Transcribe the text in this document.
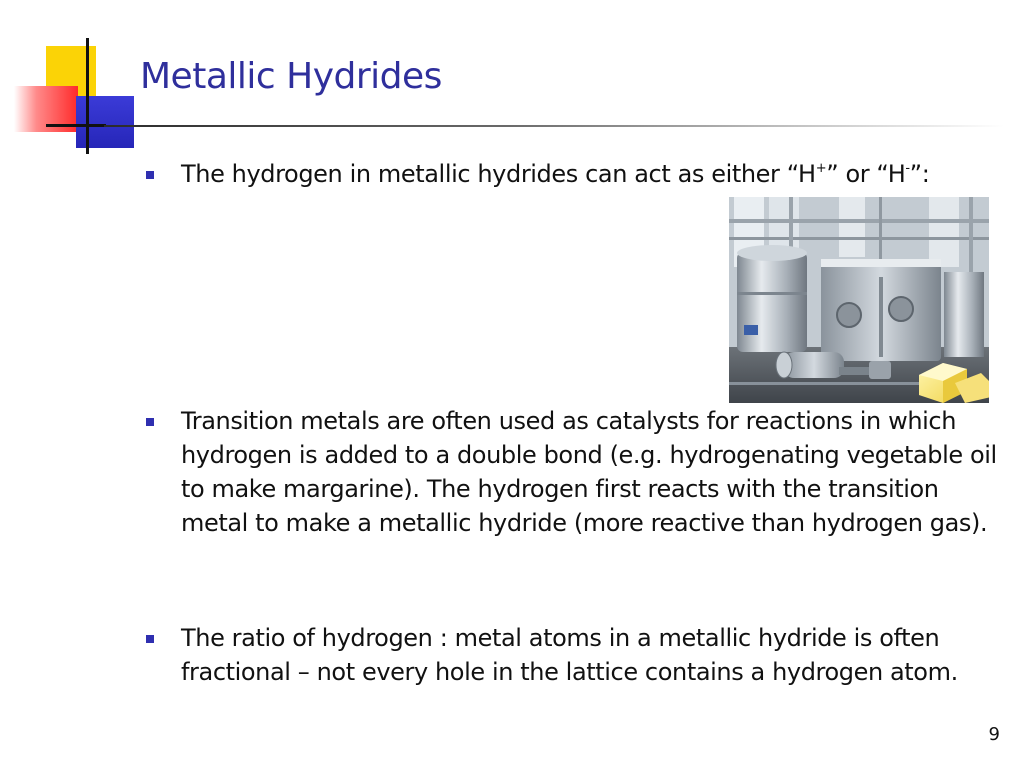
Metallic Hydrides
The hydrogen in metallic hydrides can act as either “H+” or “H-”:
Transition metals are often used as catalysts for reactions in which hydrogen is added to a double bond (e.g. hydrogenating vegetable oil to make margarine). The hydrogen first reacts with the transition metal to make a metallic hydride (more reactive than hydrogen gas).
The ratio of hydrogen : metal atoms in a metallic hydride is often fractional – not every hole in the lattice contains a hydrogen atom.
9
